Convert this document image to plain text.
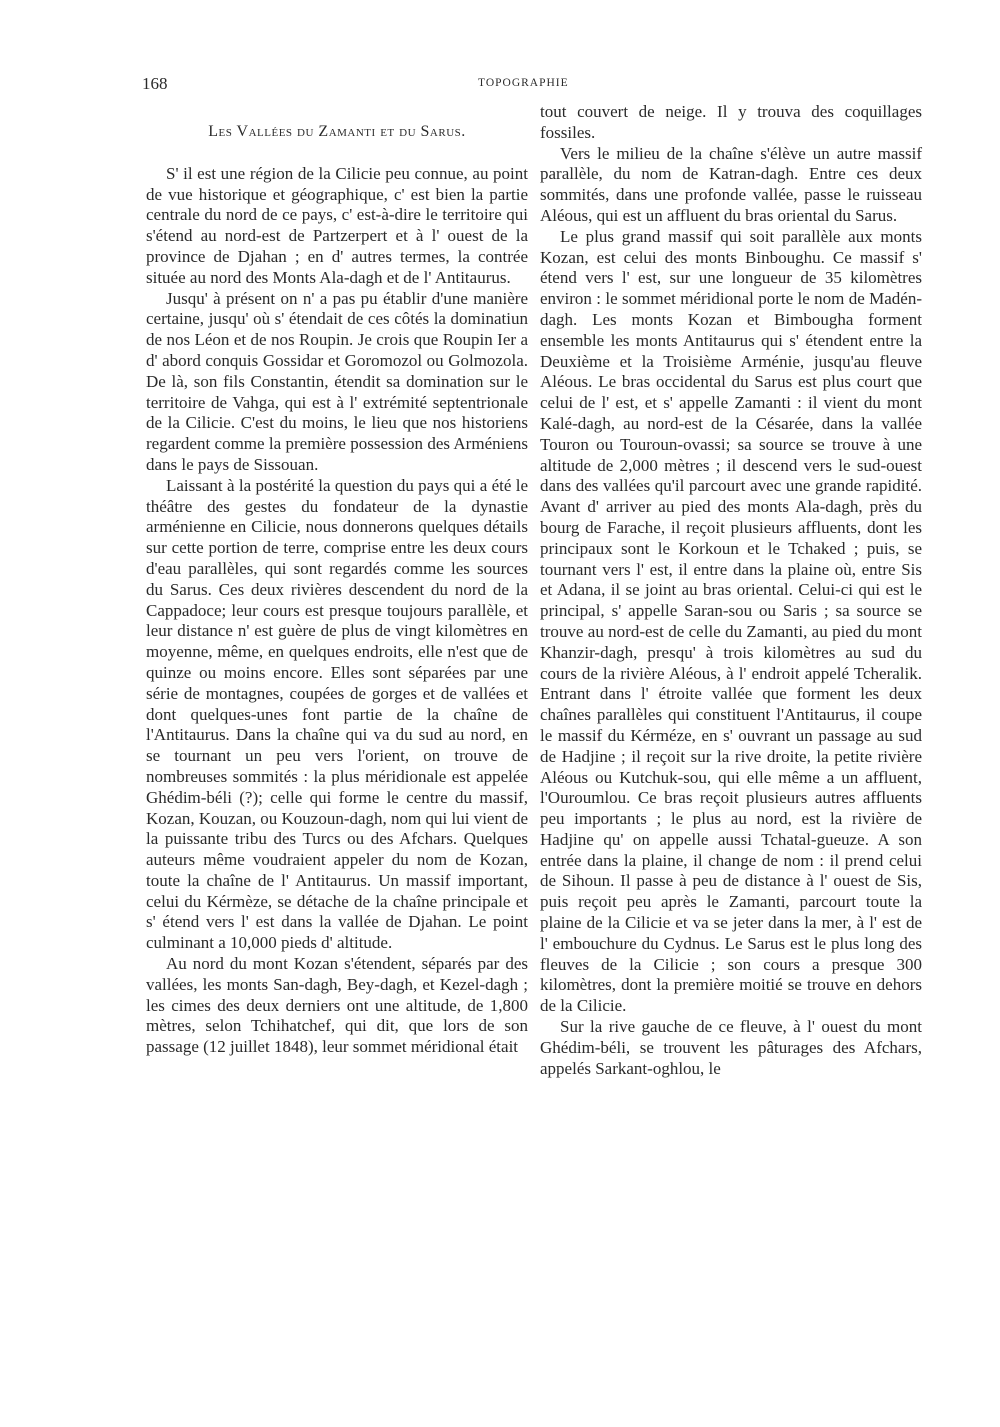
168	TOPOGRAPHIE
Les Vallées du Zamanti et du Sarus.

S' il est une région de la Cilicie peu connue, au point de vue historique et géographique, c' est bien la partie centrale du nord de ce pays, c' est-à-dire le territoire qui s'étend au nord-est de Partzerpert et à l' ouest de la province de Djahan ; en d' autres termes, la contrée située au nord des Monts Ala-dagh et de l' Antitaurus.

Jusqu' à présent on n' a pas pu établir d'une manière certaine, jusqu' où s' étendait de ces côtés la dominatiun de nos Léon et de nos Roupin. Je crois que Roupin Ier a d' abord conquis Gossidar et Goromozol ou Golmozola. De là, son fils Constantin, étendit sa domination sur le territoire de Vahga, qui est à l' extrémité septentrionale de la Cilicie. C'est du moins, le lieu que nos historiens regardent comme la première possession des Arméniens dans le pays de Sissouan.

Laissant à la postérité la question du pays qui a été le théâtre des gestes du fondateur de la dynastie arménienne en Cilicie, nous donnerons quelques détails sur cette portion de terre, comprise entre les deux cours d'eau parallèles, qui sont regardés comme les sources du Sarus. Ces deux rivières descendent du nord de la Cappadoce; leur cours est presque toujours parallèle, et leur distance n' est guère de plus de vingt kilomètres en moyenne, même, en quelques endroits, elle n'est que de quinze ou moins encore. Elles sont séparées par une série de montagnes, coupées de gorges et de vallées et dont quelques-unes font partie de la chaîne de l'Antitaurus. Dans la chaîne qui va du sud au nord, en se tournant un peu vers l'orient, on trouve de nombreuses sommités : la plus méridionale est appelée Ghédim-béli (?); celle qui forme le centre du massif, Kozan, Kouzan, ou Kouzoun-dagh, nom qui lui vient de la puissante tribu des Turcs ou des Afchars. Quelques auteurs même voudraient appeler du nom de Kozan, toute la chaîne de l' Antitaurus. Un massif important, celui du Kérmèze, se détache de la chaîne principale et s' étend vers l' est dans la vallée de Djahan. Le point culminant a 10,000 pieds d' altitude.

Au nord du mont Kozan s'étendent, séparés par des vallées, les monts San-dagh, Bey-dagh, et Kezel-dagh ; les cimes des deux derniers ont une altitude, de 1,800 mètres, selon Tchihatchef, qui dit, que lors de son passage (12 juillet 1848), leur sommet méridional était

tout couvert de neige. Il y trouva des coquillages fossiles.

Vers le milieu de la chaîne s'élève un autre massif parallèle, du nom de Katran-dagh. Entre ces deux sommités, dans une profonde vallée, passe le ruisseau Aléous, qui est un affluent du bras oriental du Sarus.

Le plus grand massif qui soit parallèle aux monts Kozan, est celui des monts Binboughu. Ce massif s' étend vers l' est, sur une longueur de 35 kilomètres environ : le sommet méridional porte le nom de Madén-dagh. Les monts Kozan et Bimbougha forment ensemble les monts Antitaurus qui s' étendent entre la Deuxième et la Troisième Arménie, jusqu'au fleuve Aléous. Le bras occidental du Sarus est plus court que celui de l' est, et s' appelle Zamanti : il vient du mont Kalé-dagh, au nord-est de la Césarée, dans la vallée Touron ou Touroun-ovassi; sa source se trouve à une altitude de 2,000 mètres ; il descend vers le sud-ouest dans des vallées qu'il parcourt avec une grande rapidité. Avant d' arriver au pied des monts Ala-dagh, près du bourg de Farache, il reçoit plusieurs affluents, dont les principaux sont le Korkoun et le Tchaked ; puis, se tournant vers l' est, il entre dans la plaine où, entre Sis et Adana, il se joint au bras oriental. Celui-ci qui est le principal, s' appelle Saran-sou ou Saris ; sa source se trouve au nord-est de celle du Zamanti, au pied du mont Khanzir-dagh, presqu' à trois kilomètres au sud du cours de la rivière Aléous, à l' endroit appelé Tcheralik. Entrant dans l' étroite vallée que forment les deux chaînes parallèles qui constituent l'Antitaurus, il coupe le massif du Kérméze, en s' ouvrant un passage au sud de Hadjine ; il reçoit sur la rive droite, la petite rivière Aléous ou Kutchuk-sou, qui elle même a un affluent, l'Ouroumlou. Ce bras reçoit plusieurs autres affluents peu importants ; le plus au nord, est la rivière de Hadjine qu' on appelle aussi Tchatal-gueuze. A son entrée dans la plaine, il change de nom : il prend celui de Sihoun. Il passe à peu de distance à l' ouest de Sis, puis reçoit peu après le Zamanti, parcourt toute la plaine de la Cilicie et va se jeter dans la mer, à l' est de l' embouchure du Cydnus. Le Sarus est le plus long des fleuves de la Cilicie ; son cours a presque 300 kilomètres, dont la première moitié se trouve en dehors de la Cilicie.

Sur la rive gauche de ce fleuve, à l' ouest du mont Ghédim-béli, se trouvent les pâturages des Afchars, appelés Sarkant-oghlou, le
